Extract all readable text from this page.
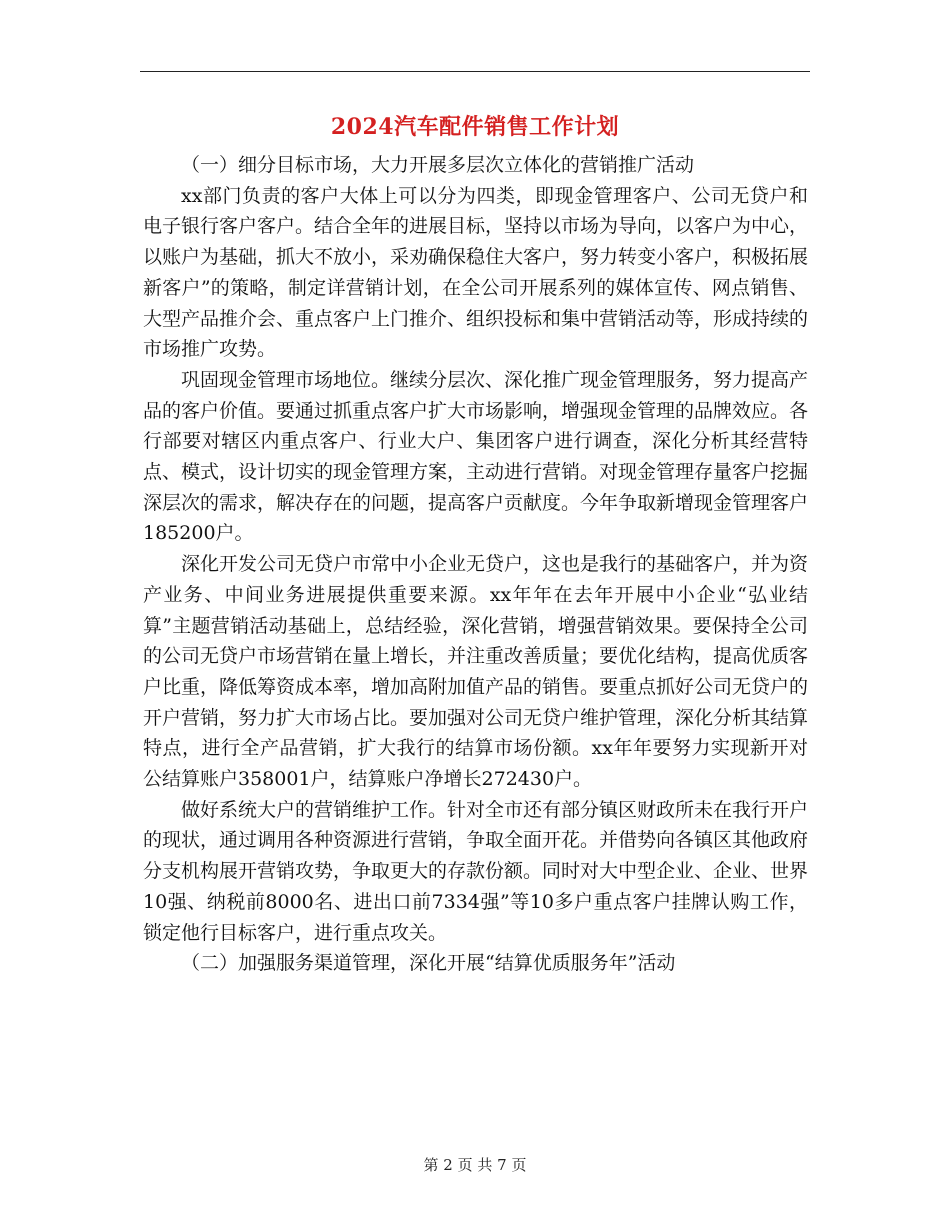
2024汽车配件销售工作计划

（一）细分目标市场，大力开展多层次立体化的营销推广活动

xx部门负责的客户大体上可以分为四类，即现金管理客户、公司无贷户和电子银行客户客户。结合全年的进展目标，坚持以市场为导向，以客户为中心，以账户为基础，抓大不放小，采劝确保稳住大客户，努力转变小客户，积极拓展新客户”的策略，制定详营销计划，在全公司开展系列的媒体宣传、网点销售、大型产品推介会、重点客户上门推介、组织投标和集中营销活动等，形成持续的市场推广攻势。

巩固现金管理市场地位。继续分层次、深化推广现金管理服务，努力提高产品的客户价值。要通过抓重点客户扩大市场影响，增强现金管理的品牌效应。各行部要对辖区内重点客户、行业大户、集团客户进行调查，深化分析其经营特点、模式，设计切实的现金管理方案，主动进行营销。对现金管理存量客户挖掘深层次的需求，解决存在的问题，提高客户贡献度。今年争取新增现金管理客户185200户。

深化开发公司无贷户市常中小企业无贷户，这也是我行的基础客户，并为资产业务、中间业务进展提供重要来源。xx年年在去年开展中小企业“弘业结算”主题营销活动基础上，总结经验，深化营销，增强营销效果。要保持全公司的公司无贷户市场营销在量上增长，并注重改善质量；要优化结构，提高优质客户比重，降低筹资成本率，增加高附加值产品的销售。要重点抓好公司无贷户的开户营销，努力扩大市场占比。要加强对公司无贷户维护管理，深化分析其结算特点，进行全产品营销，扩大我行的结算市场份额。xx年年要努力实现新开对公结算账户358001户，结算账户净增长272430户。

做好系统大户的营销维护工作。针对全市还有部分镇区财政所未在我行开户的现状，通过调用各种资源进行营销，争取全面开花。并借势向各镇区其他政府分支机构展开营销攻势，争取更大的存款份额。同时对大中型企业、企业、世界10强、纳税前8000名、进出口前7334强”等10多户重点客户挂牌认购工作，锁定他行目标客户，进行重点攻关。

（二）加强服务渠道管理，深化开展“结算优质服务年”活动

第 2 页 共 7 页
